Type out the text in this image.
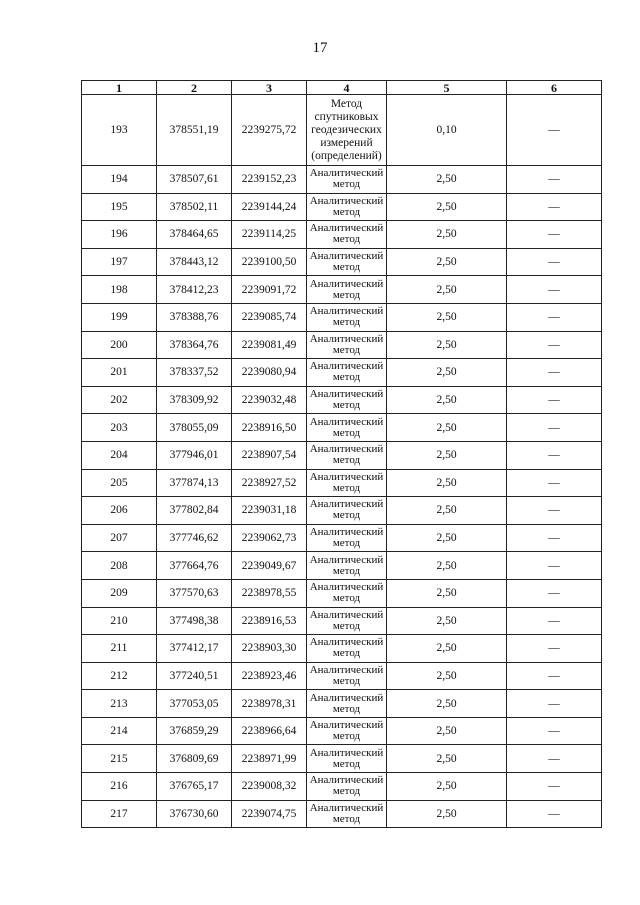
17
1	2	3	4	5	6
193	378551,19	2239275,72	Метод спутниковых геодезических измерений (определений)	0,10	—
194	378507,61	2239152,23	Аналитический метод	2,50	—
195	378502,11	2239144,24	Аналитический метод	2,50	—
196	378464,65	2239114,25	Аналитический метод	2,50	—
197	378443,12	2239100,50	Аналитический метод	2,50	—
198	378412,23	2239091,72	Аналитический метод	2,50	—
199	378388,76	2239085,74	Аналитический метод	2,50	—
200	378364,76	2239081,49	Аналитический метод	2,50	—
201	378337,52	2239080,94	Аналитический метод	2,50	—
202	378309,92	2239032,48	Аналитический метод	2,50	—
203	378055,09	2238916,50	Аналитический метод	2,50	—
204	377946,01	2238907,54	Аналитический метод	2,50	—
205	377874,13	2238927,52	Аналитический метод	2,50	—
206	377802,84	2239031,18	Аналитический метод	2,50	—
207	377746,62	2239062,73	Аналитический метод	2,50	—
208	377664,76	2239049,67	Аналитический метод	2,50	—
209	377570,63	2238978,55	Аналитический метод	2,50	—
210	377498,38	2238916,53	Аналитический метод	2,50	—
211	377412,17	2238903,30	Аналитический метод	2,50	—
212	377240,51	2238923,46	Аналитический метод	2,50	—
213	377053,05	2238978,31	Аналитический метод	2,50	—
214	376859,29	2238966,64	Аналитический метод	2,50	—
215	376809,69	2238971,99	Аналитический метод	2,50	—
216	376765,17	2239008,32	Аналитический метод	2,50	—
217	376730,60	2239074,75	Аналитический метод	2,50	—
